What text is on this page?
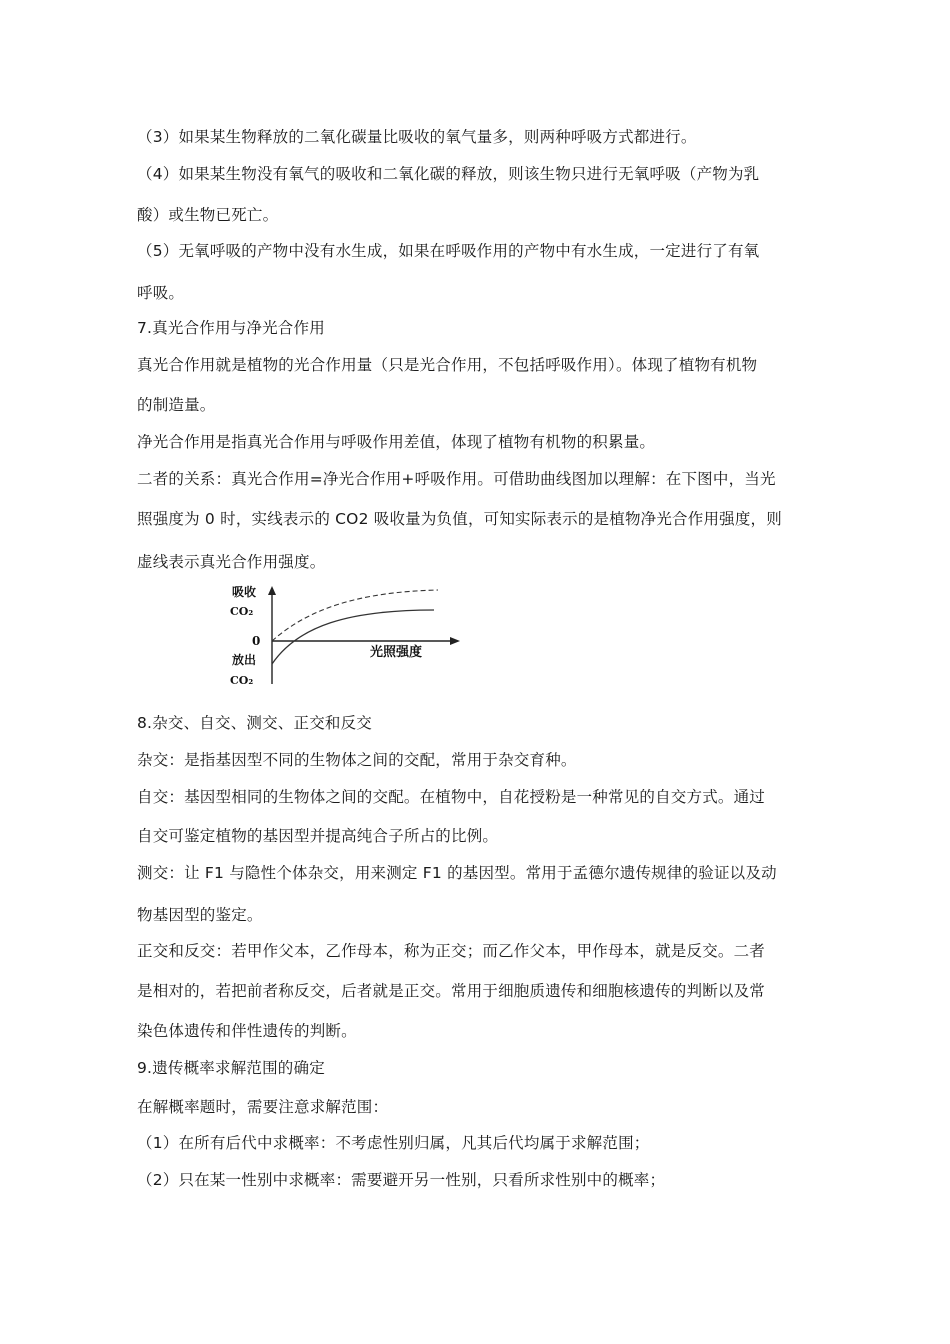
（3）如果某生物释放的二氧化碳量比吸收的氧气量多，则两种呼吸方式都进行。
（4）如果某生物没有氧气的吸收和二氧化碳的释放，则该生物只进行无氧呼吸（产物为乳
酸）或生物已死亡。
（5）无氧呼吸的产物中没有水生成，如果在呼吸作用的产物中有水生成，一定进行了有氧
呼吸。
7.真光合作用与净光合作用
真光合作用就是植物的光合作用量（只是光合作用，不包括呼吸作用）。体现了植物有机物
的制造量。
净光合作用是指真光合作用与呼吸作用差值，体现了植物有机物的积累量。
二者的关系：真光合作用=净光合作用+呼吸作用。可借助曲线图加以理解：在下图中，当光
照强度为 0 时，实线表示的 CO2 吸收量为负值，可知实际表示的是植物净光合作用强度，则
虚线表示真光合作用强度。
吸收
CO₂
0
放出
CO₂
光照强度
8.杂交、自交、测交、正交和反交
杂交：是指基因型不同的生物体之间的交配，常用于杂交育种。
自交：基因型相同的生物体之间的交配。在植物中，自花授粉是一种常见的自交方式。通过
自交可鉴定植物的基因型并提高纯合子所占的比例。
测交：让 F1 与隐性个体杂交，用来测定 F1 的基因型。常用于孟德尔遗传规律的验证以及动
物基因型的鉴定。
正交和反交：若甲作父本，乙作母本，称为正交；而乙作父本，甲作母本，就是反交。二者
是相对的，若把前者称反交，后者就是正交。常用于细胞质遗传和细胞核遗传的判断以及常
染色体遗传和伴性遗传的判断。
9.遗传概率求解范围的确定
在解概率题时，需要注意求解范围：
（1）在所有后代中求概率：不考虑性别归属，凡其后代均属于求解范围；
（2）只在某一性别中求概率：需要避开另一性别，只看所求性别中的概率；
